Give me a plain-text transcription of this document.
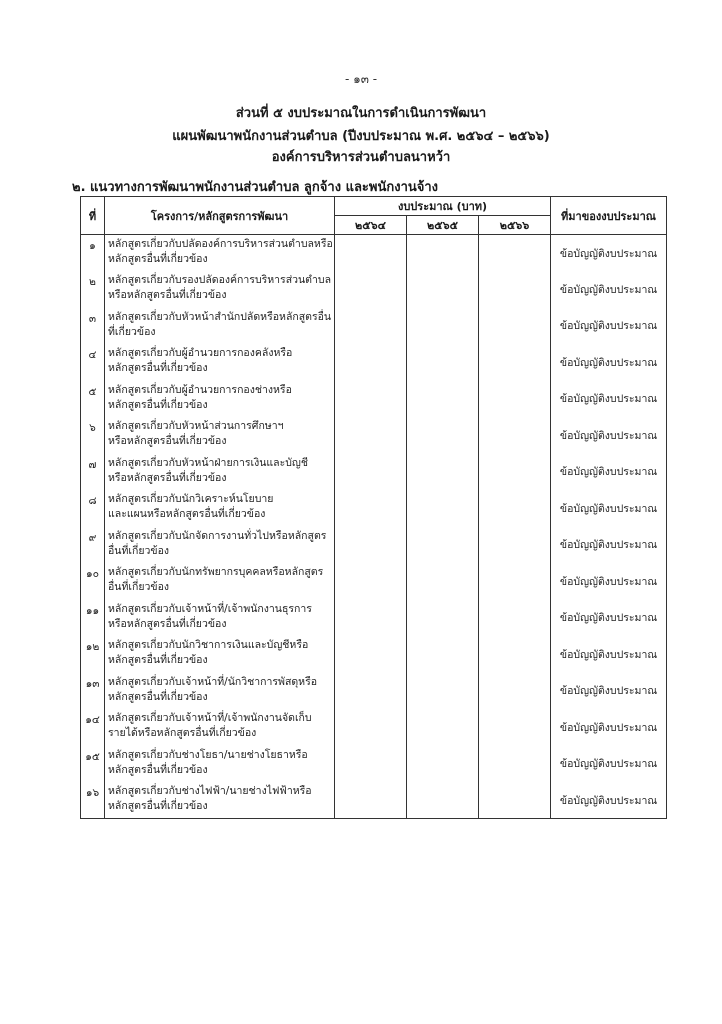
- ๑๓ -
ส่วนที่ ๕ งบประมาณในการดำเนินการพัฒนา
แผนพัฒนาพนักงานส่วนตำบล (ปีงบประมาณ พ.ศ. ๒๕๖๔ – ๒๕๖๖)
องค์การบริหารส่วนตำบลนาหว้า
๒. แนวทางการพัฒนาพนักงานส่วนตำบล ลูกจ้าง และพนักงานจ้าง
ที่	โครงการ/หลักสูตรการพัฒนา	งบประมาณ (บาท)			ที่มาของงบประมาณ
		๒๕๖๔	๒๕๖๕	๒๕๖๖	
๑	หลักสูตรเกี่ยวกับปลัดองค์การบริหารส่วนตำบลหรือ
หลักสูตรอื่นที่เกี่ยวข้อง				ข้อบัญญัติงบประมาณ
๒	หลักสูตรเกี่ยวกับรองปลัดองค์การบริหารส่วนตำบล
หรือหลักสูตรอื่นที่เกี่ยวข้อง				ข้อบัญญัติงบประมาณ
๓	หลักสูตรเกี่ยวกับหัวหน้าสำนักปลัดหรือหลักสูตรอื่น
ที่เกี่ยวข้อง				ข้อบัญญัติงบประมาณ
๔	หลักสูตรเกี่ยวกับผู้อำนวยการกองคลังหรือ
หลักสูตรอื่นที่เกี่ยวข้อง				ข้อบัญญัติงบประมาณ
๕	หลักสูตรเกี่ยวกับผู้อำนวยการกองช่างหรือ
หลักสูตรอื่นที่เกี่ยวข้อง				ข้อบัญญัติงบประมาณ
๖	หลักสูตรเกี่ยวกับหัวหน้าส่วนการศึกษาฯ
หรือหลักสูตรอื่นที่เกี่ยวข้อง				ข้อบัญญัติงบประมาณ
๗	หลักสูตรเกี่ยวกับหัวหน้าฝ่ายการเงินและบัญชี
หรือหลักสูตรอื่นที่เกี่ยวข้อง				ข้อบัญญัติงบประมาณ
๘	หลักสูตรเกี่ยวกับนักวิเคราะห์นโยบาย
และแผนหรือหลักสูตรอื่นที่เกี่ยวข้อง				ข้อบัญญัติงบประมาณ
๙	หลักสูตรเกี่ยวกับนักจัดการงานทั่วไปหรือหลักสูตร
อื่นที่เกี่ยวข้อง				ข้อบัญญัติงบประมาณ
๑๐	หลักสูตรเกี่ยวกับนักทรัพยากรบุคคลหรือหลักสูตร
อื่นที่เกี่ยวข้อง				ข้อบัญญัติงบประมาณ
๑๑	หลักสูตรเกี่ยวกับเจ้าหน้าที่/เจ้าพนักงานธุรการ
หรือหลักสูตรอื่นที่เกี่ยวข้อง				ข้อบัญญัติงบประมาณ
๑๒	หลักสูตรเกี่ยวกับนักวิชาการเงินและบัญชีหรือ
หลักสูตรอื่นที่เกี่ยวข้อง				ข้อบัญญัติงบประมาณ
๑๓	หลักสูตรเกี่ยวกับเจ้าหน้าที่/นักวิชาการพัสดุหรือ
หลักสูตรอื่นที่เกี่ยวข้อง				ข้อบัญญัติงบประมาณ
๑๔	หลักสูตรเกี่ยวกับเจ้าหน้าที่/เจ้าพนักงานจัดเก็บ
รายได้หรือหลักสูตรอื่นที่เกี่ยวข้อง				ข้อบัญญัติงบประมาณ
๑๕	หลักสูตรเกี่ยวกับช่างโยธา/นายช่างโยธาหรือ
หลักสูตรอื่นที่เกี่ยวข้อง				ข้อบัญญัติงบประมาณ
๑๖	หลักสูตรเกี่ยวกับช่างไฟฟ้า/นายช่างไฟฟ้าหรือ
หลักสูตรอื่นที่เกี่ยวข้อง				ข้อบัญญัติงบประมาณ
